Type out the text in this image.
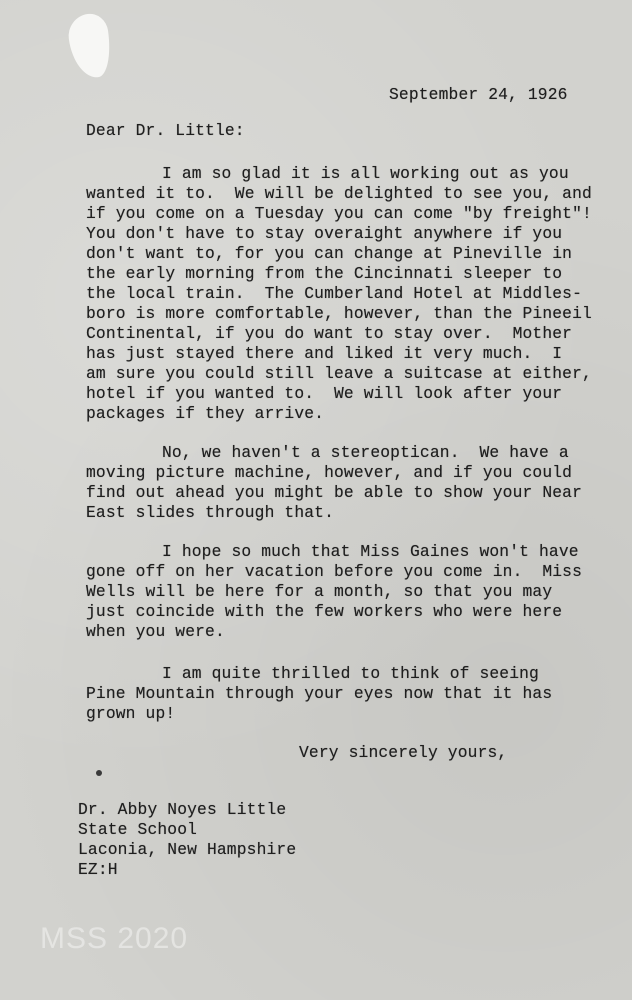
September 24, 1926
Dear Dr. Little:
I am so glad it is all working out as you
wanted it to.  We will be delighted to see you, and
if you come on a Tuesday you can come "by freight"!
You don't have to stay overaight anywhere if you
don't want to, for you can change at Pineville in
the early morning from the Cincinnati sleeper to
the local train.  The Cumberland Hotel at Middles-
boro is more comfortable, however, than the Pineeil
Continental, if you do want to stay over.  Mother
has just stayed there and liked it very much.  I
am sure you could still leave a suitcase at either,
hotel if you wanted to.  We will look after your
packages if they arrive.
No, we haven't a stereoptican.  We have a
moving picture machine, however, and if you could
find out ahead you might be able to show your Near
East slides through that.
I hope so much that Miss Gaines won't have
gone off on her vacation before you come in.  Miss
Wells will be here for a month, so that you may
just coincide with the few workers who were here
when you were.
I am quite thrilled to think of seeing
Pine Mountain through your eyes now that it has
grown up!
Very sincerely yours,
Dr. Abby Noyes Little
State School
Laconia, New Hampshire
EZ:H
MSS 2020
